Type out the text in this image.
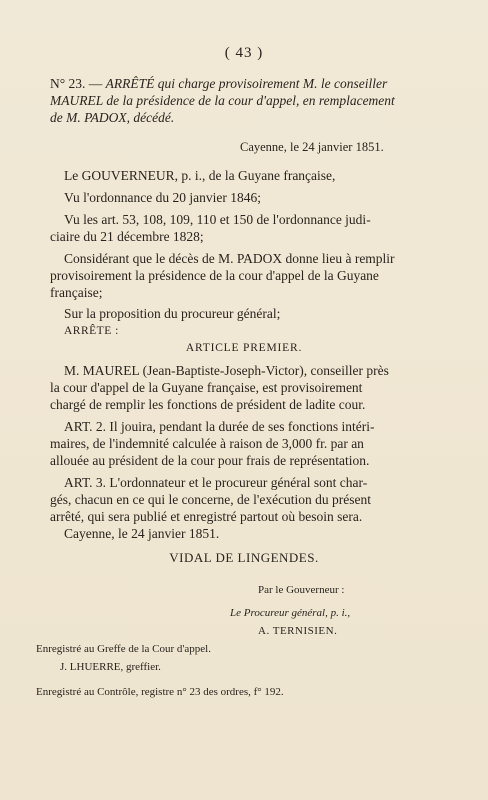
( 43 )
N° 23. — ARRÊTÉ qui charge provisoirement M. le conseiller
MAUREL de la présidence de la cour d'appel, en remplacement
de M. PADOX, décédé.
Cayenne, le 24 janvier 1851.
Le GOUVERNEUR, p. i., de la Guyane française,
Vu l'ordonnance du 20 janvier 1846;
Vu les art. 53, 108, 109, 110 et 150 de l'ordonnance judi-
ciaire du 21 décembre 1828;
Considérant que le décès de M. PADOX donne lieu à remplir
provisoirement la présidence de la cour d'appel de la Guyane
française;
Sur la proposition du procureur général;
ARRÊTE :
ARTICLE PREMIER.
M. MAUREL (Jean-Baptiste-Joseph-Victor), conseiller près
la cour d'appel de la Guyane française, est provisoirement
chargé de remplir les fonctions de président de ladite cour.
ART. 2. Il jouira, pendant la durée de ses fonctions intéri-
maires, de l'indemnité calculée à raison de 3,000 fr. par an
allouée au président de la cour pour frais de représentation.
ART. 3. L'ordonnateur et le procureur général sont char-
gés, chacun en ce qui le concerne, de l'exécution du présent
arrêté, qui sera publié et enregistré partout où besoin sera.
Cayenne, le 24 janvier 1851.
VIDAL DE LINGENDES.
Par le Gouverneur :
Le Procureur général, p. i.,
A. TERNISIEN.
Enregistré au Greffe de la Cour d'appel.
J. LHUERRE, greffier.
Enregistré au Contrôle, registre n° 23 des ordres, f° 192.
